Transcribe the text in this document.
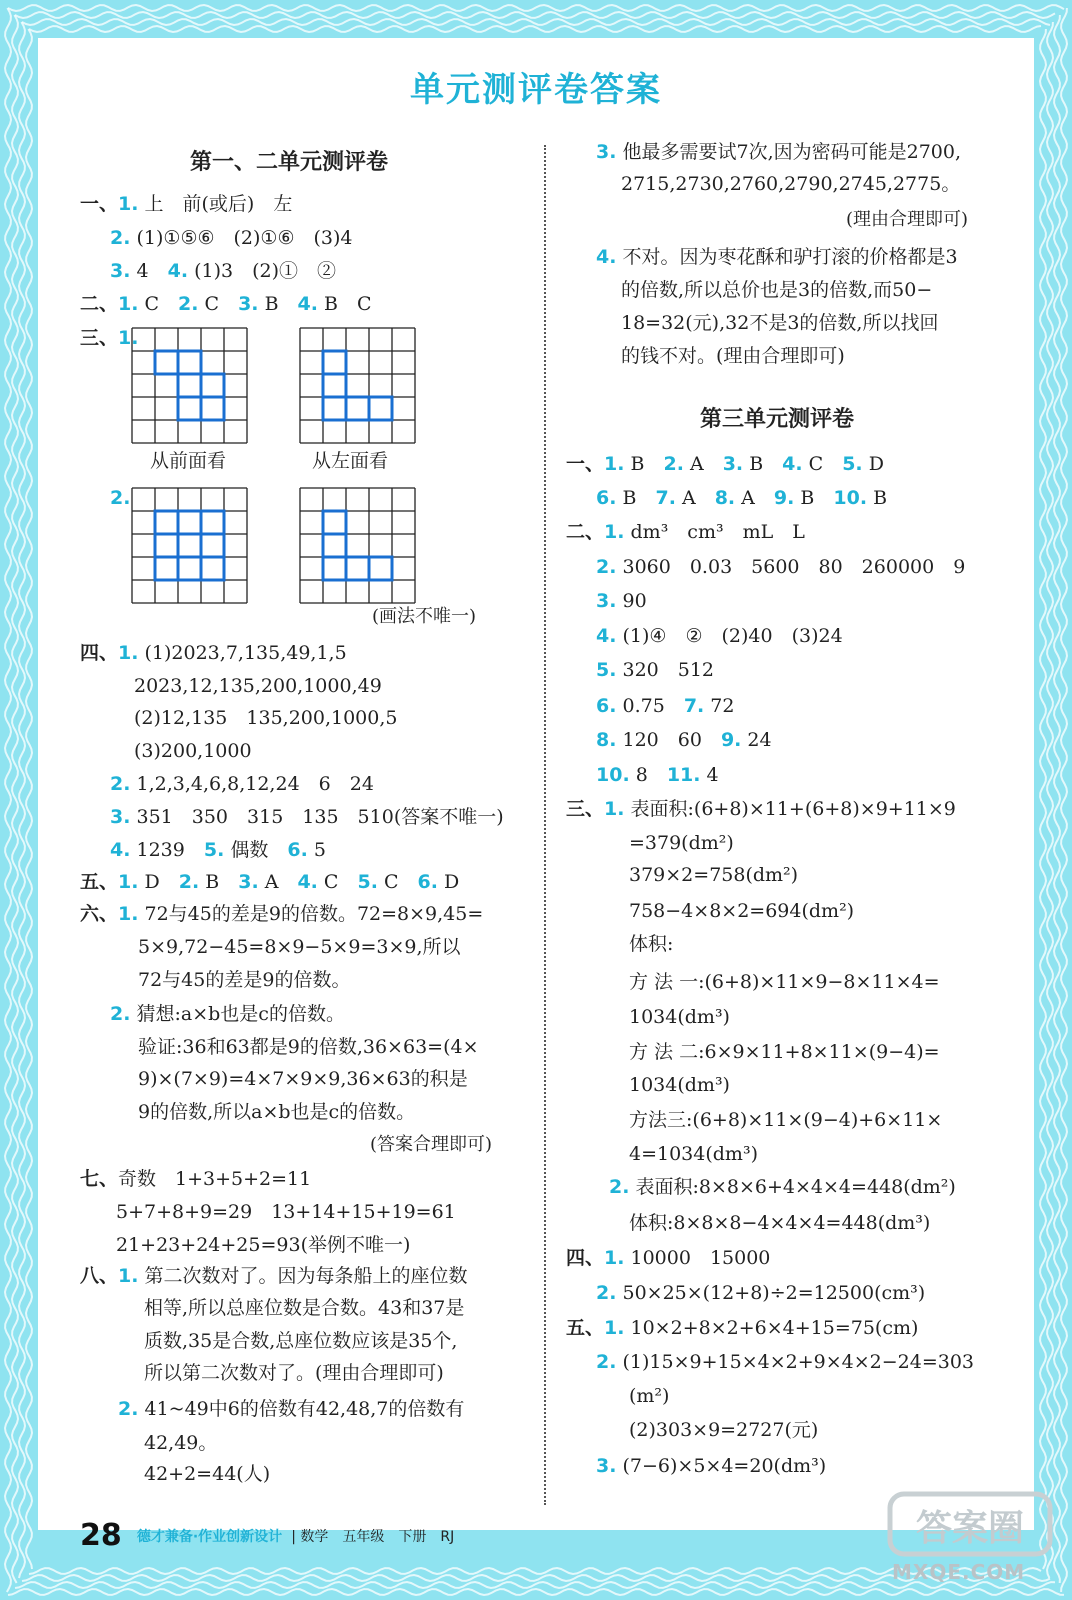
单元测评卷答案
第一、二单元测评卷
第三单元测评卷
一、1. 上　前(或后)　左
2. (1)①⑤⑥　(2)①⑥　(3)4
3. 4　4. (1)3　(2)①　②
二、1. C　2. C　3. B　4. B　C
三、1.
2.
(画法不唯一)
四、1. (1)2023,7,135,49,1,5
2023,12,135,200,1000,49
(2)12,135　135,200,1000,5
(3)200,1000
2. 1,2,3,4,6,8,12,24　6　24
3. 351　350　315　135　510(答案不唯一)
4. 1239　5. 偶数　6. 5
五、1. D　2. B　3. A　4. C　5. C　6. D
六、1. 72与45的差是9的倍数。72=8×9,45=
5×9,72−45=8×9−5×9=3×9,所以
72与45的差是9的倍数。
2. 猜想:a×b也是c的倍数。
验证:36和63都是9的倍数,36×63=(4×
9)×(7×9)=4×7×9×9,36×63的积是
9的倍数,所以a×b也是c的倍数。
(答案合理即可)
七、奇数　1+3+5+2=11
5+7+8+9=29　13+14+15+19=61
21+23+24+25=93(举例不唯一)
八、1. 第二次数对了。因为每条船上的座位数
相等,所以总座位数是合数。43和37是
质数,35是合数,总座位数应该是35个,
所以第二次数对了。(理由合理即可)
2. 41~49中6的倍数有42,48,7的倍数有
42,49。
42+2=44(人)
3. 他最多需要试7次,因为密码可能是2700,
2715,2730,2760,2790,2745,2775。
(理由合理即可)
4. 不对。因为枣花酥和驴打滚的价格都是3
的倍数,所以总价也是3的倍数,而50−
18=32(元),32不是3的倍数,所以找回
的钱不对。(理由合理即可)
一、1. B　2. A　3. B　4. C　5. D
6. B　7. A　8. A　9. B　10. B
二、1. dm³　cm³　mL　L
2. 3060　0.03　5600　80　260000　9
3. 90
4. (1)④　②　(2)40　(3)24
5. 320　512
6. 0.75　7. 72
8. 120　60　9. 24
10. 8　11. 4
三、1. 表面积:(6+8)×11+(6+8)×9+11×9
=379(dm²)
379×2=758(dm²)
758−4×8×2=694(dm²)
体积:
方 法 一:(6+8)×11×9−8×11×4=
1034(dm³)
方 法 二:6×9×11+8×11×(9−4)=
1034(dm³)
方法三:(6+8)×11×(9−4)+6×11×
4=1034(dm³)
2. 表面积:8×8×6+4×4×4=448(dm²)
体积:8×8×8−4×4×4=448(dm³)
四、1. 10000　15000
2. 50×25×(12+8)÷2=12500(cm³)
五、1. 10×2+8×2+6×4+15=75(cm)
2. (1)15×9+15×4×2+9×4×2−24=303
(m²)
(2)303×9=2727(元)
3. (7−6)×5×4=20(dm³)
从前面看	从左面看
28 德才兼备·作业创新设计 | 数学　五年级　下册　RJ	答案圈
MXQE.COM
